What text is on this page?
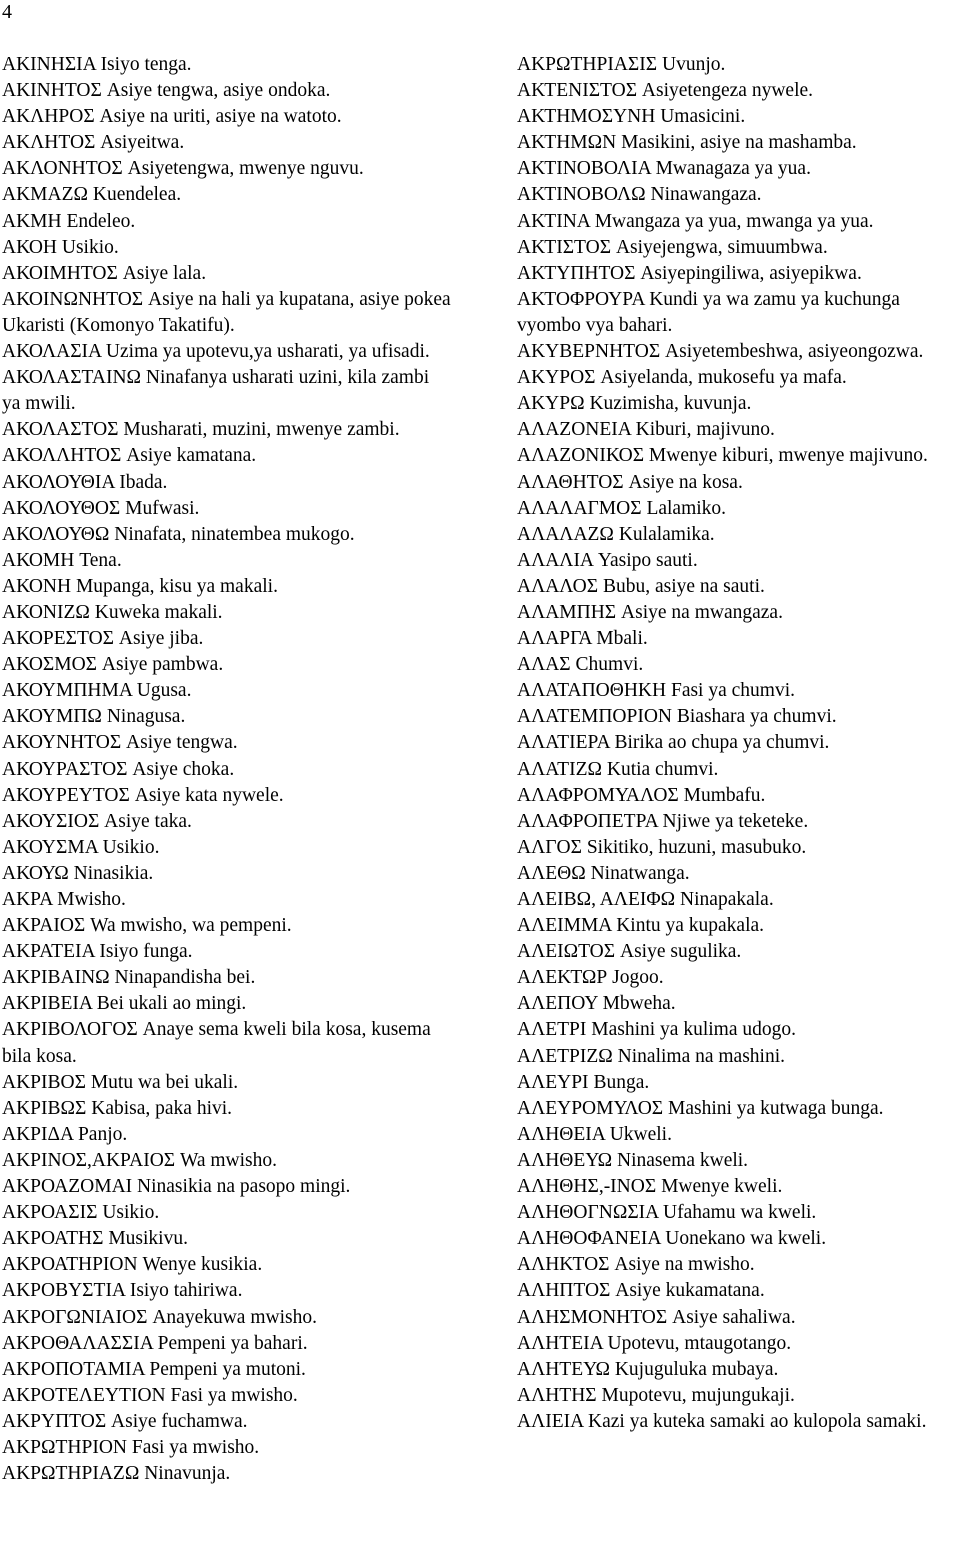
4
ΑΚΙΝΗΣΙΑ Isiyo tenga.
ΑΚΙΝΗΤΟΣ Asiye tengwa, asiye ondoka.
ΑΚΛΗΡΟΣ Asiye na uriti, asiye na watoto.
ΑΚΛΗΤΟΣ Asiyeitwa.
ΑΚΛΟΝΗΤΟΣ Asiyetengwa, mwenye nguvu.
ΑΚΜΑΖΩ Kuendelea.
ΑΚΜΗ Endeleo.
ΑΚΟΗ Usikio.
ΑΚΟΙΜΗΤΟΣ Asiye lala.
ΑΚΟΙΝΩΝΗΤΟΣ Asiye na hali ya kupatana, asiye pokea Ukaristi (Komonyo Takatifu).
ΑΚΟΛΑΣΙΑ Uzima ya upotevu,ya usharati, ya ufisadi.
ΑΚΟΛΑΣΤΑΙΝΩ Ninafanya usharati uzini, kila zambi ya mwili.
ΑΚΟΛΑΣΤΟΣ Musharati, muzini, mwenye zambi.
ΑΚΟΛΛΗΤΟΣ Asiye kamatana.
ΑΚΟΛΟΥΘΙΑ Ibada.
ΑΚΟΛΟΥΘΟΣ Mufwasi.
ΑΚΟΛΟΥΘΩ Ninafata, ninatembea mukogo.
ΑΚΟΜΗ Tena.
ΑΚΟΝΗ Mupanga, kisu ya makali.
ΑΚΟΝΙΖΩ Kuweka makali.
ΑΚΟΡΕΣΤΟΣ Asiye jiba.
ΑΚΟΣΜΟΣ Asiye pambwa.
ΑΚΟΥΜΠΗΜΑ Ugusa.
ΑΚΟΥΜΠΩ Ninagusa.
ΑΚΟΥΝΗΤΟΣ Asiye tengwa.
ΑΚΟΥΡΑΣΤΟΣ Asiye choka.
ΑΚΟΥΡΕΥΤΟΣ Asiye kata nywele.
ΑΚΟΥΣΙΟΣ Asiye taka.
ΑΚΟΥΣΜΑ Usikio.
ΑΚΟΥΩ Ninasikia.
ΑΚΡΑ Mwisho.
ΑΚΡΑΙΟΣ Wa mwisho, wa pempeni.
ΑΚΡΑΤΕΙΑ Isiyo funga.
ΑΚΡΙΒΑΙΝΩ Ninapandisha bei.
ΑΚΡΙΒΕΙΑ Bei ukali ao mingi.
ΑΚΡΙΒΟΛΟΓΟΣ Anaye sema kweli bila kosa, kusema bila kosa.
ΑΚΡΙΒΟΣ Mutu wa bei ukali.
ΑΚΡΙΒΩΣ Kabisa, paka hivi.
ΑΚΡΙΔΑ Panjo.
ΑΚΡΙΝΟΣ,ΑΚΡΑΙΟΣ Wa mwisho.
ΑΚΡΟΑΖΟΜΑΙ Ninasikia na pasopo mingi.
ΑΚΡΟΑΣΙΣ Usikio.
ΑΚΡΟΑΤΗΣ Musikivu.
ΑΚΡΟΑΤΗΡΙΟΝ Wenye kusikia.
ΑΚΡΟΒΥΣΤΙΑ Isiyo tahiriwa.
ΑΚΡΟΓΩΝΙΑΙΟΣ Anayekuwa mwisho.
ΑΚΡΟΘΑΛΑΣΣΙΑ Pempeni ya bahari.
ΑΚΡΟΠΟΤΑΜΙΑ Pempeni ya mutoni.
ΑΚΡΟΤΕΛΕΥΤΙΟΝ Fasi ya mwisho.
ΑΚΡΥΠΤΟΣ Asiye fuchamwa.
ΑΚΡΩΤΗΡΙΟΝ Fasi ya mwisho.
ΑΚΡΩΤΗΡΙΑΖΩ Ninavunja.
ΑΚΡΩΤΗΡΙΑΣΙΣ Uvunjo.
ΑΚΤΕΝΙΣΤΟΣ Asiyetengeza nywele.
ΑΚΤΗΜΟΣΥΝΗ Umasicini.
ΑΚΤΗΜΩΝ Masikini, asiye na mashamba.
ΑΚΤΙΝΟΒΟΛΙΑ Mwanagaza ya yua.
ΑΚΤΙΝΟΒΟΛΩ Ninawangaza.
ΑΚΤΙΝΑ Mwangaza ya yua, mwanga ya yua.
ΑΚΤΙΣΤΟΣ Asiyejengwa, simuumbwa.
ΑΚΤΥΠΗΤΟΣ Asiyepingiliwa, asiyepikwa.
ΑΚΤΟΦΡΟΥΡΑ Kundi ya wa zamu ya kuchunga vyombo vya bahari.
ΑΚΥΒΕΡΝΗΤΟΣ Asiyetembeshwa, asiyeongozwa.
ΑΚΥΡΟΣ Asiyelanda, mukosefu ya mafa.
ΑΚΥΡΩ Kuzimisha, kuvunja.
ΑΛΑΖΟΝΕΙΑ Kiburi, majivuno.
ΑΛΑΖΟΝΙΚΟΣ Mwenye kiburi, mwenye majivuno.
ΑΛΑΘΗΤΟΣ Asiye na kosa.
ΑΛΑΛΑΓΜΟΣ Lalamiko.
ΑΛΑΛΑΖΩ Kulalamika.
ΑΛΑΛΙΑ Yasipo sauti.
ΑΛΑΛΟΣ Bubu, asiye na sauti.
ΑΛΑΜΠΗΣ Asiye na mwangaza.
ΑΛΑΡΓΑ Mbali.
ΑΛΑΣ Chumvi.
ΑΛΑΤΑΠΟΘΗΚΗ Fasi ya chumvi.
ΑΛΑΤΕΜΠΟΡΙΟΝ Biashara ya chumvi.
ΑΛΑΤΙΕΡΑ Birika ao chupa ya chumvi.
ΑΛΑΤΙΖΩ Kutia chumvi.
ΑΛΑΦΡΟΜΥΑΛΟΣ Mumbafu.
ΑΛΑΦΡΟΠΕΤΡΑ Njiwe ya teketeke.
ΑΛΓΟΣ Sikitiko, huzuni, masubuko.
ΑΛΕΘΩ Ninatwanga.
ΑΛΕΙΒΩ, ΑΛΕΙΦΩ Ninapakala.
ΑΛΕΙΜΜΑ Kintu ya kupakala.
ΑΛΕΙΩΤΟΣ Asiye sugulika.
ΑΛΕΚΤΩΡ Jogoo.
ΑΛΕΠΟΥ Mbweha.
ΑΛΕΤΡΙ Mashini ya kulima udogo.
ΑΛΕΤΡΙΖΩ Ninalima na mashini.
ΑΛΕΥΡΙ Bunga.
ΑΛΕΥΡΟΜΥΛΟΣ Mashini ya kutwaga bunga.
ΑΛΗΘΕΙΑ Ukweli.
ΑΛΗΘΕΥΩ Ninasema kweli.
ΑΛΗΘΗΣ,-ΙΝΟΣ Mwenye kweli.
ΑΛΗΘΟΓΝΩΣΙΑ Ufahamu wa kweli.
ΑΛΗΘΟΦΑΝΕΙΑ Uonekano wa kweli.
ΑΛΗΚΤΟΣ Asiye na mwisho.
ΑΛΗΠΤΟΣ Asiye kukamatana.
ΑΛΗΣΜΟΝΗΤΟΣ Asiye sahaliwa.
ΑΛΗΤΕΙΑ Upotevu, mtaugotango.
ΑΛΗΤΕΥΩ Kujuguluka mubaya.
ΑΛΗΤΗΣ Mupotevu, mujungukaji.
ΑΛΙΕΙΑ Kazi ya kuteka samaki ao kulopola samaki.
